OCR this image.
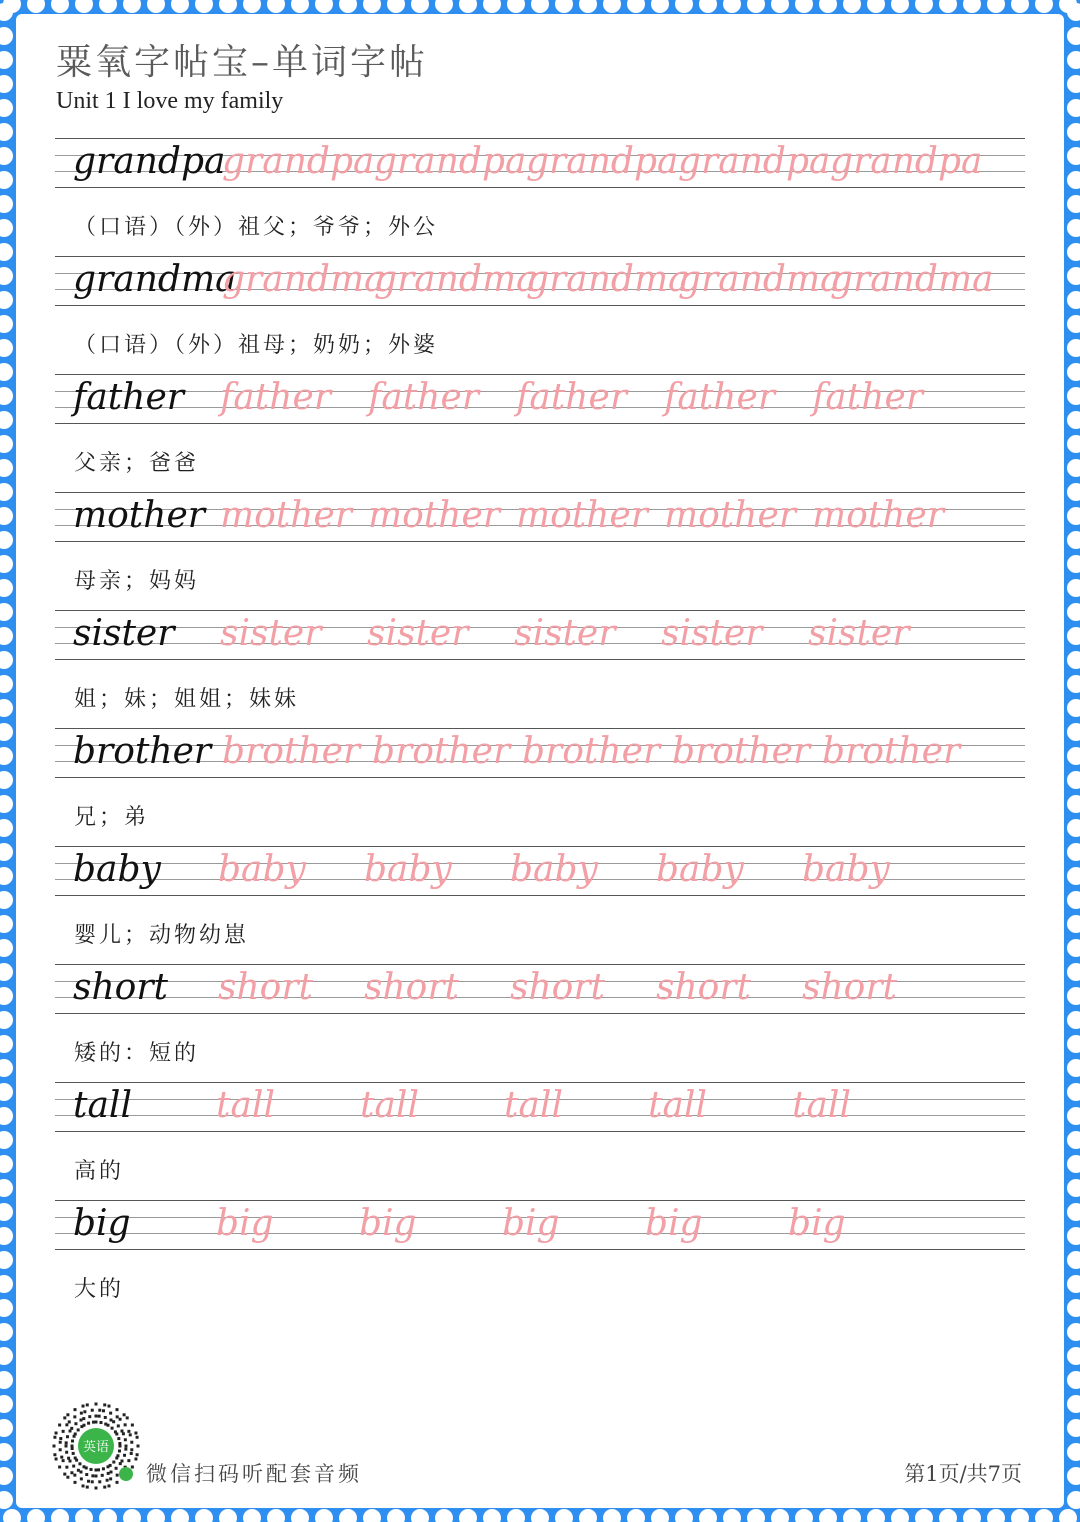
粟氧字帖宝–单词字帖
Unit 1 I love my family
grandpa
grandpa grandpa grandpa grandpa grandpa
（口语）（外）祖父；爷爷；外公
grandma
grandma
grandma
grandma
grandma
grandma
（口语）（外）祖母；奶奶；外婆
father father father father father father
父亲；爸爸
mother mother mother mother mother mother
母亲；妈妈
sister sister sister sister sister sister
姐；妹；姐姐；妹妹
brother brother brother brother brother brother
兄；弟
baby baby baby baby baby baby
婴儿；动物幼崽
short short short short short short
矮的：短的
tall tall tall tall tall tall
高的
big big big big big big
大的
英语
微信扫码听配套音频	第1页/共7页
